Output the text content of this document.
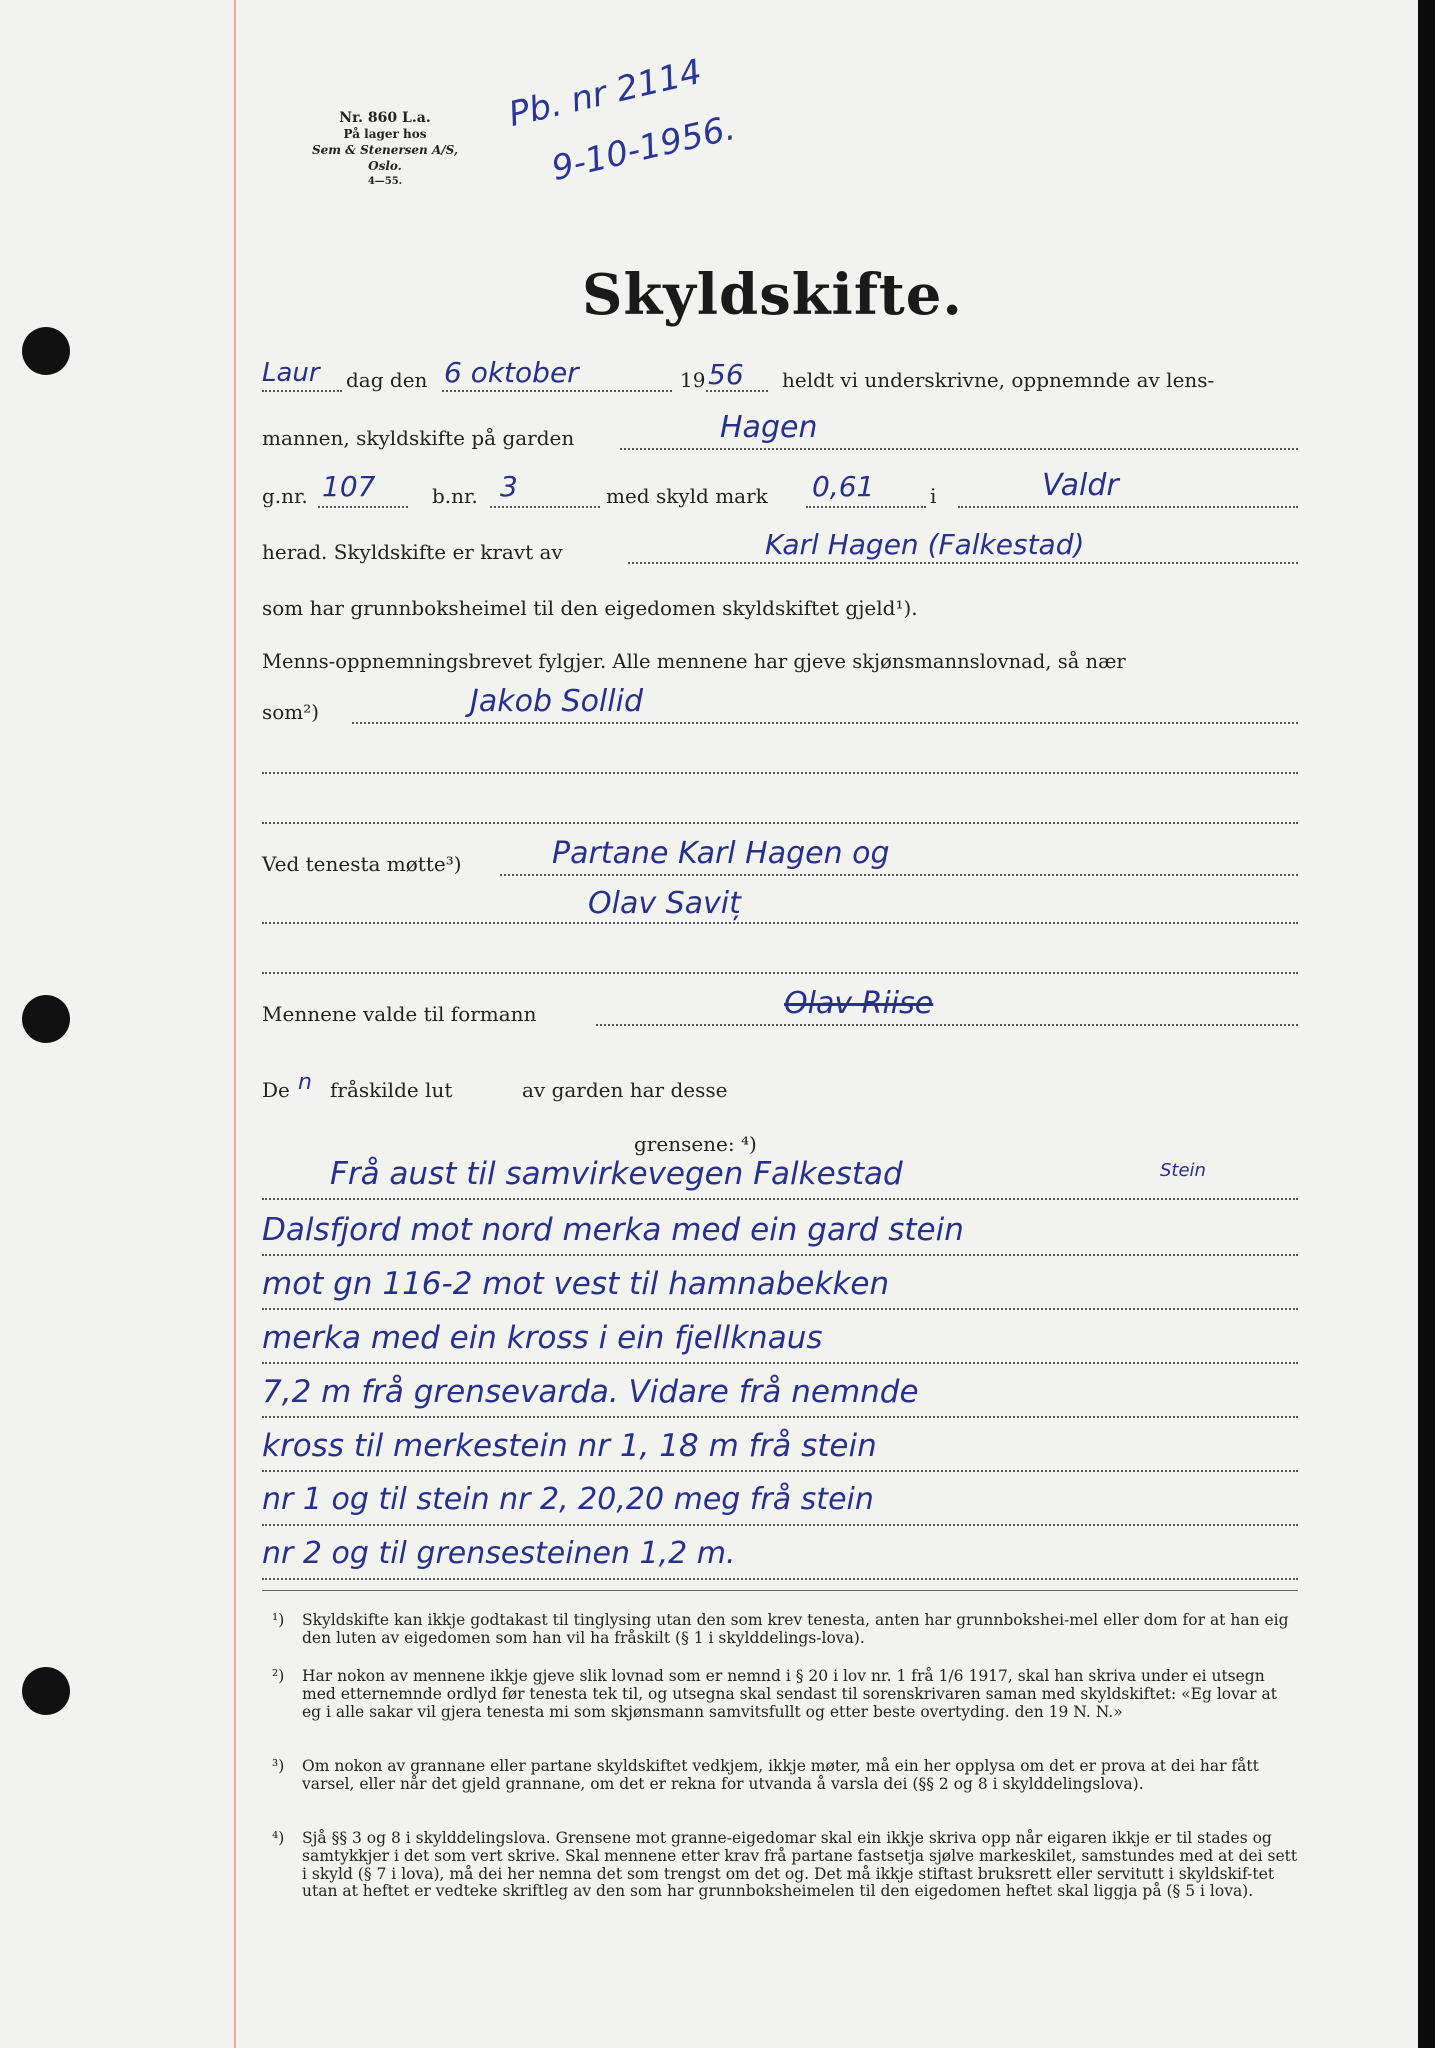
Nr. 860 L.a.
På lager hos
Sem & Stenersen A/S, Oslo.
4—55.
Pb. nr 2114
9-10-1956.
Skyldskifte.
Laur dag den 6 oktober	19 56 heldt vi underskrivne, oppnemnde av lens-
mannen, skyldskifte på garden	Hagen
g.nr. 107	b.nr. 3	med skyld mark 0,61	i	Valdr
herad. Skyldskifte er kravt av	Karl Hagen (Falkestad)
som har grunnboksheimel til den eigedomen skyldskiftet gjeld¹).
Menns-oppnemningsbrevet fylgjer. Alle mennene har gjeve skjønsmannslovnad, så nær
som²)	Jakob Sollid
Ved tenesta møtte³)	Partane Karl Hagen og
Olav Saviț
Mennene valde til formann	Olav Riise
De n fråskilde lut	av garden har desse
grensene: ⁴)
Stein
Frå aust til samvirkevegen Falkestad
Dalsfjord mot nord merka med ein gard stein
mot gn 116-2 mot vest til hamnabekken
merka med ein kross i ein fjellknaus
7,2 m frå grensevarda. Vidare frå nemnde
kross til merkestein nr 1, 18 m frå stein
nr 1 og til stein nr 2, 20,20 meg frå stein
nr 2 og til grensesteinen 1,2 m.
¹) Skyldskifte kan ikkje godtakast til tinglysing utan den som krev tenesta, anten har grunnbokshei-mel eller dom for at han eig den luten av eigedomen som han vil ha fråskilt (§ 1 i skylddelings-lova).
²) Har nokon av mennene ikkje gjeve slik lovnad som er nemnd i § 20 i lov nr. 1 frå 1/6 1917, skal han skriva under ei utsegn med etternemnde ordlyd før tenesta tek til, og utsegna skal sendast til sorenskrivaren saman med skyldskiftet: «Eg lovar at eg i alle sakar vil gjera tenesta mi som skjønsmann samvitsfullt og etter beste overtyding. den 19 N. N.»
³) Om nokon av grannane eller partane skyldskiftet vedkjem, ikkje møter, må ein her opplysa om det er prova at dei har fått varsel, eller når det gjeld grannane, om det er rekna for utvanda å varsla dei (§§ 2 og 8 i skylddelingslova).
⁴) Sjå §§ 3 og 8 i skylddelingslova. Grensene mot granne-eigedomar skal ein ikkje skriva opp når eigaren ikkje er til stades og samtykkjer i det som vert skrive. Skal mennene etter krav frå partane fastsetja sjølve markeskilet, samstundes med at dei sett i skyld (§ 7 i lova), må dei her nemna det som trengst om det og. Det må ikkje stiftast bruksrett eller servitutt i skyldskif-tet utan at heftet er vedteke skriftleg av den som har grunnboksheimelen til den eigedomen heftet skal liggja på (§ 5 i lova).
